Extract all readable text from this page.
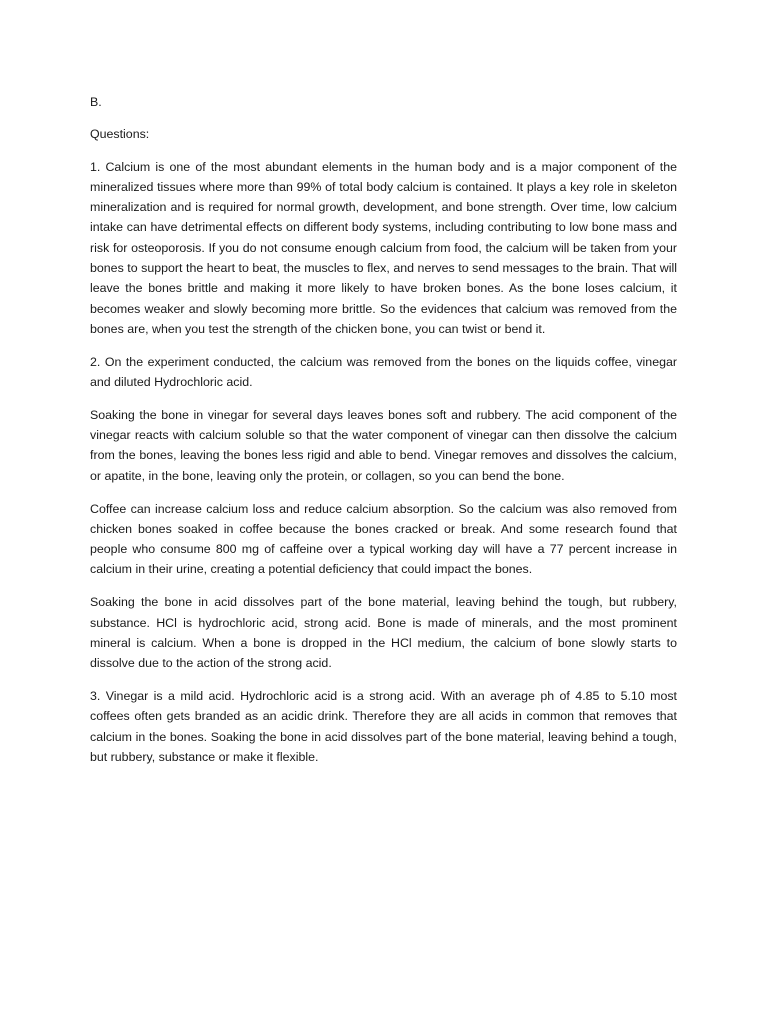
B.

Questions:

1. Calcium is one of the most abundant elements in the human body and is a major component of the mineralized tissues where more than 99% of total body calcium is contained. It plays a key role in skeleton mineralization and is required for normal growth, development, and bone strength. Over time, low calcium intake can have detrimental effects on different body systems, including contributing to low bone mass and risk for osteoporosis. If you do not consume enough calcium from food, the calcium will be taken from your bones to support the heart to beat, the muscles to flex, and nerves to send messages to the brain. That will leave the bones brittle and making it more likely to have broken bones. As the bone loses calcium, it becomes weaker and slowly becoming more brittle. So the evidences that calcium was removed from the bones are, when you test the strength of the chicken bone, you can twist or bend it.

2. On the experiment conducted, the calcium was removed from the bones on the liquids coffee, vinegar and diluted Hydrochloric acid.

Soaking the bone in vinegar for several days leaves bones soft and rubbery. The acid component of the vinegar reacts with calcium soluble so that the water component of vinegar can then dissolve the calcium from the bones, leaving the bones less rigid and able to bend. Vinegar removes and dissolves the calcium, or apatite, in the bone, leaving only the protein, or collagen, so you can bend the bone.

Coffee can increase calcium loss and reduce calcium absorption. So the calcium was also removed from chicken bones soaked in coffee because the bones cracked or break. And some research found that people who consume 800 mg of caffeine over a typical working day will have a 77 percent increase in calcium in their urine, creating a potential deficiency that could impact the bones.

Soaking the bone in acid dissolves part of the bone material, leaving behind the tough, but rubbery, substance. HCl is hydrochloric acid, strong acid. Bone is made of minerals, and the most prominent mineral is calcium. When a bone is dropped in the HCl medium, the calcium of bone slowly starts to dissolve due to the action of the strong acid.

3. Vinegar is a mild acid. Hydrochloric acid is a strong acid. With an average ph of 4.85 to 5.10 most coffees often gets branded as an acidic drink. Therefore they are all acids in common that removes that calcium in the bones. Soaking the bone in acid dissolves part of the bone material, leaving behind a tough, but rubbery, substance or make it flexible.
